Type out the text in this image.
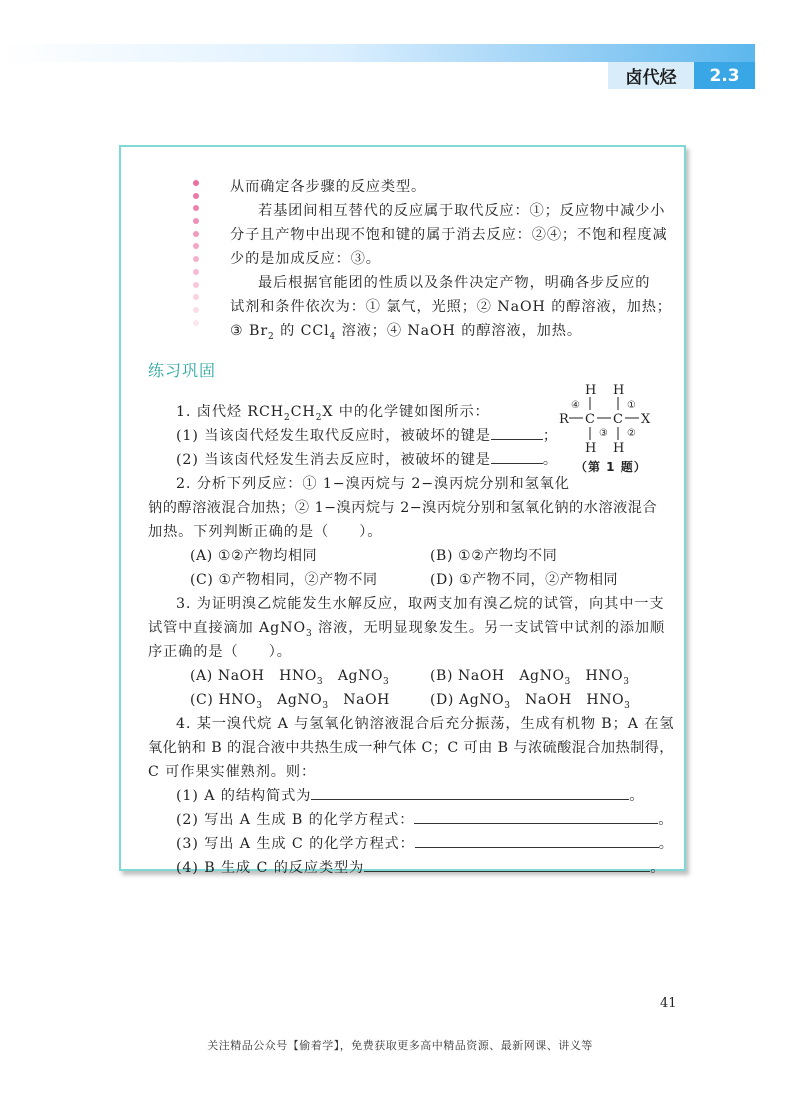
卤代烃	2.3
从而确定各步骤的反应类型。
若基团间相互替代的反应属于取代反应：①；反应物中减少小
分子且产物中出现不饱和键的属于消去反应：②④；不饱和程度减
少的是加成反应：③。
最后根据官能团的性质以及条件决定产物，明确各步反应的
试剂和条件依次为：① 氯气，光照；② NaOH 的醇溶液，加热；
③ $Br_2$ 的 CCl$_4$ 溶液；④ NaOH 的醇溶液，加热。
练习巩固
1. 卤代烃 $RCH_2CH_2X$ 中的化学键如图所示：
(1) 当该卤代烃发生取代反应时，被破坏的键是	；
(2) 当该卤代烃发生消去反应时，被破坏的键是	。
H H
R C C X
H H
④	①
③ ②
（第 1 题）
2. 分析下列反应：① 1−溴丙烷与 2−溴丙烷分别和氢氧化
钠的醇溶液混合加热；② 1−溴丙烷与 2−溴丙烷分别和氢氧化钠的水溶液混合
加热。下列判断正确的是（　　）。
(A) ①②产物均相同	(B) ①②产物均不同
(C) ①产物相同，②产物不同	(D) ①产物不同，②产物相同
3. 为证明溴乙烷能发生水解反应，取两支加有溴乙烷的试管，向其中一支
试管中直接滴加 AgNO$_3$ 溶液，无明显现象发生。另一支试管中试剂的添加顺
序正确的是（　　）。
(A) NaOH　$HNO_3$　AgNO$_3$	(B) NaOH　AgNO$_3$　$HNO_3$
(C) $HNO_3$　AgNO$_3$　NaOH	(D) AgNO$_3$　NaOH　$HNO_3$
4. 某一溴代烷 A 与氢氧化钠溶液混合后充分振荡，生成有机物 B；A 在氢
氧化钠和 B 的混合液中共热生成一种气体 C；C 可由 B 与浓硫酸混合加热制得，
C 可作果实催熟剂。则：
(1) A 的结构简式为	。
(2) 写出 A 生成 B 的化学方程式：	。
(3) 写出 A 生成 C 的化学方程式：	。
(4) B 生成 C 的反应类型为	。
41
关注精品公众号【偷着学】，免费获取更多高中精品资源、最新网课、讲义等
